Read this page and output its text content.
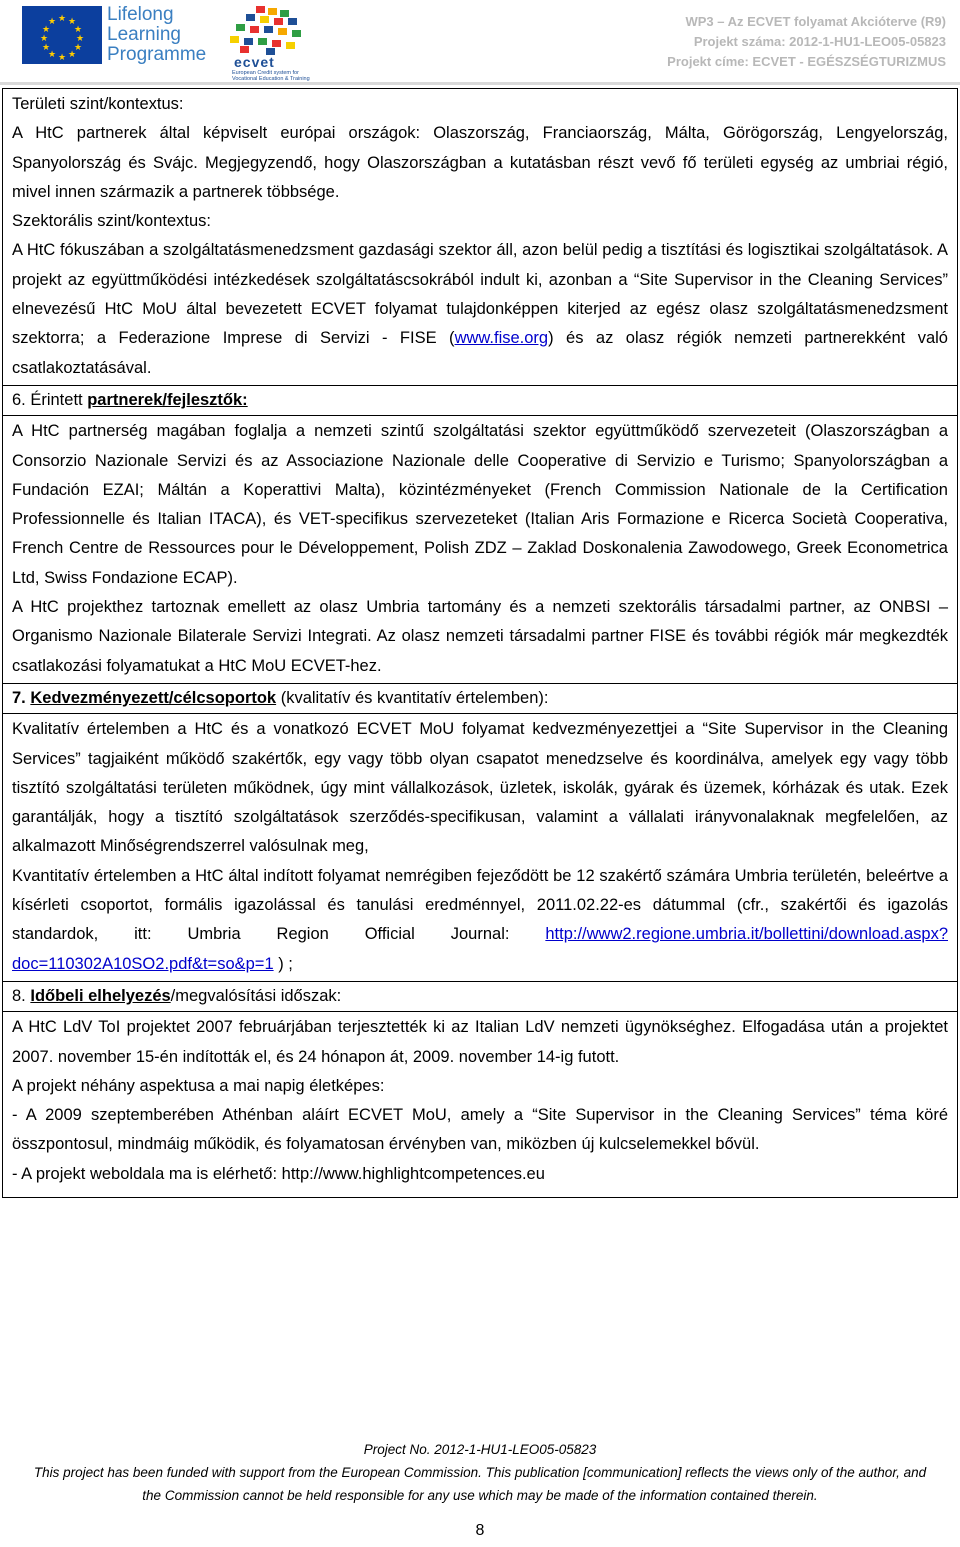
★ ★
★
★
★
★
★
★
★
★
★
★	Lifelong
Learning
Programme ecvet
European Credit system for Vocational Education & Training
WP3 – Az ECVET folyamat Akcióterve (R9)
Projekt száma: 2012-1-HU1-LEO05-05823
Projekt címe: ECVET - EGÉSZSÉGTURIZMUS

Területi szint/kontextus:

A HtC partnerek által képviselt európai országok: Olaszország, Franciaország, Málta, Görögország, Lengyelország, Spanyolország és Svájc. Megjegyzendő, hogy Olaszországban a kutatásban részt vevő fő területi egység az umbriai régió, mivel innen származik a partnerek többsége.

Szektorális szint/kontextus:

A HtC fókuszában a szolgáltatásmenedzsment gazdasági szektor áll, azon belül pedig a tisztítási és logisztikai szolgáltatások. A projekt az együttműködési intézkedések szolgáltatáscsokrából indult ki, azonban a “Site Supervisor in the Cleaning Services” elnevezésű HtC MoU által bevezetett ECVET folyamat tulajdonképpen kiterjed az egész olasz szolgáltatásmenedzsment szektorra; a Federazione Imprese di Servizi - FISE (www.fise.org) és az olasz régiók nemzeti partnerekként való csatlakoztatásával.

6. Érintett partnerek/fejlesztők:

A HtC partnerség magában foglalja a nemzeti szintű szolgáltatási szektor együttműködő szervezeteit (Olaszországban a Consorzio Nazionale Servizi és az Associazione Nazionale delle Cooperative di Servizio e Turismo; Spanyolországban a Fundación EZAI; Máltán a Koperattivi Malta), közintézményeket (French Commission Nationale de la Certification Professionnelle és Italian ITACA), és VET-specifikus szervezeteket (Italian Aris Formazione e Ricerca Società Cooperativa, French Centre de Ressources pour le Développement, Polish ZDZ – Zaklad Doskonalenia Zawodowego, Greek Econometrica Ltd, Swiss Fondazione ECAP).

A HtC projekthez tartoznak emellett az olasz Umbria tartomány és a nemzeti szektorális társadalmi partner, az ONBSI – Organismo Nazionale Bilaterale Servizi Integrati. Az olasz nemzeti társadalmi partner FISE és további régiók már megkezdték csatlakozási folyamatukat a HtC MoU ECVET-hez.

7. Kedvezményezett/célcsoportok (kvalitatív és kvantitatív értelemben):

Kvalitatív értelemben a HtC és a vonatkozó ECVET MoU folyamat kedvezményezettjei a “Site Supervisor in the Cleaning Services” tagjaiként működő szakértők, egy vagy több olyan csapatot menedzselve és koordinálva, amelyek egy vagy több tisztító szolgáltatási területen működnek, úgy mint vállalkozások, üzletek, iskolák, gyárak és üzemek, kórházak és utak. Ezek garantálják, hogy a tisztító szolgáltatások szerződés-specifikusan, valamint a vállalati irányvonalaknak megfelelően, az alkalmazott Minőségrendszerrel valósulnak meg,

Kvantitatív értelemben a HtC által indított folyamat nemrégiben fejeződött be 12 szakértő számára Umbria területén, beleértve a kísérleti csoportot, formális igazolással és tanulási eredménnyel, 2011.02.22-es dátummal (cfr., szakértői és igazolás standardok, itt: Umbria Region Official Journal: http://www2.regione.umbria.it/bollettini/download.aspx?doc=110302A10SO2.pdf&t=so&p=1 ) ;

8. Időbeli elhelyezés/megvalósítási időszak:

A HtC LdV ToI projektet 2007 februárjában terjesztették ki az Italian LdV nemzeti ügynökséghez. Elfogadása után a projektet 2007. november 15-én indították el, és 24 hónapon át, 2009. november 14-ig futott.

A projekt néhány aspektusa a mai napig életképes:

- A 2009 szeptemberében Athénban aláírt ECVET MoU, amely a “Site Supervisor in the Cleaning Services” téma köré összpontosul, mindmáig működik, és folyamatosan érvényben van, miközben új kulcselemekkel bővül.

- A projekt weboldala ma is elérhető: http://www.highlightcompetences.eu

Project No. 2012-1-HU1-LEO05-05823
This project has been funded with support from the European Commission. This publication [communication] reflects the views only of the author, and
the Commission cannot be held responsible for any use which may be made of the information contained therein.
8
